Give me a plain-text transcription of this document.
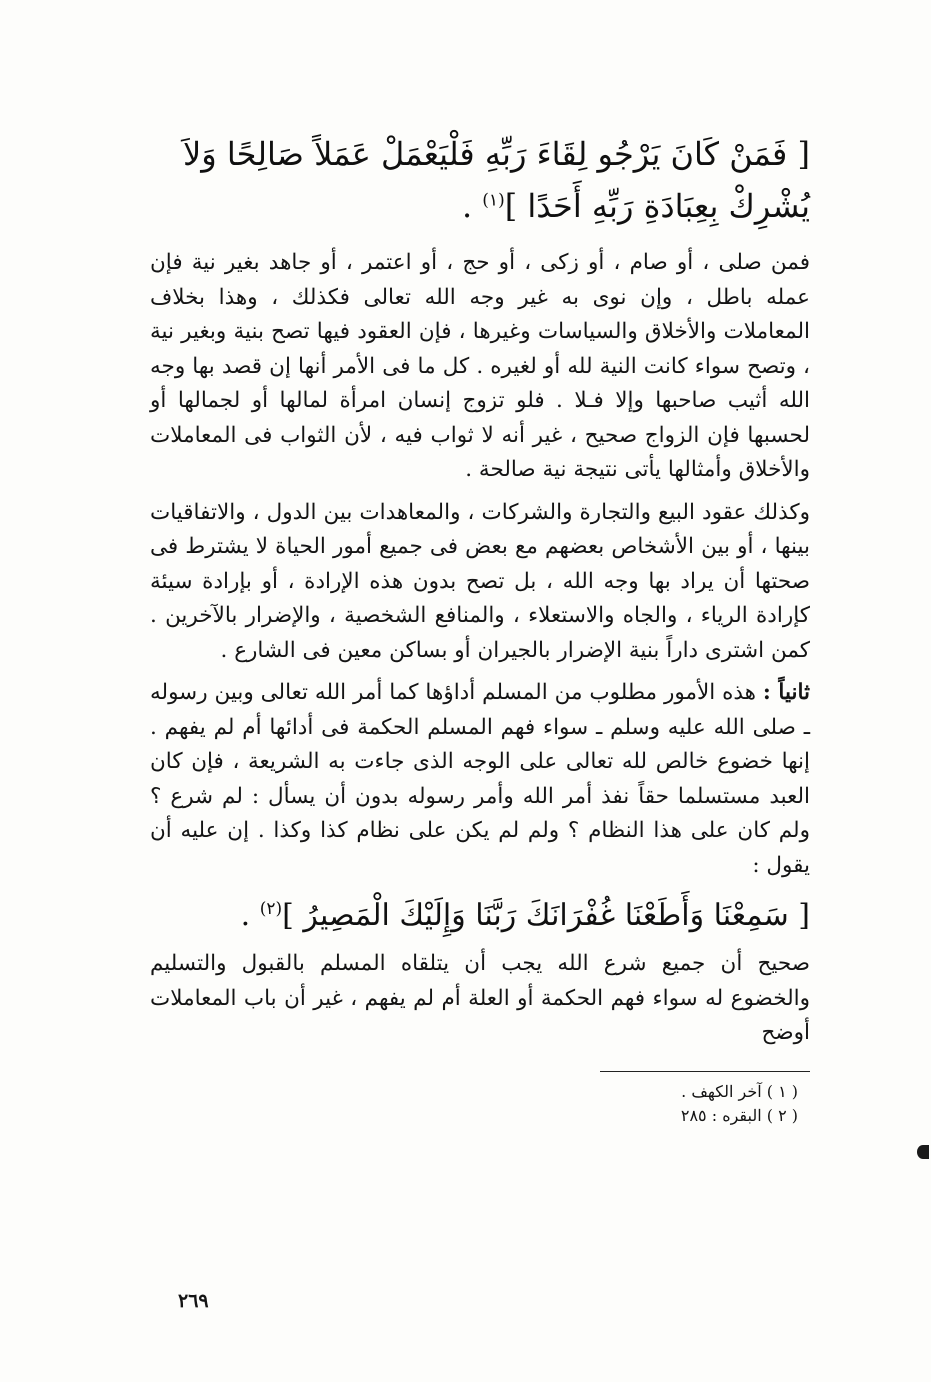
[ فَمَنْ كَانَ يَرْجُو لِقَاءَ رَبِّهِ فَلْيَعْمَلْ عَمَلاً صَالِحًا وَلاَ يُشْرِكْ بِعِبَادَةِ رَبِّهِ أَحَدًا ]$^{(١)}$ .

فمن صلى ، أو صام ، أو زكى ، أو حج ، أو اعتمر ، أو جاهد بغير نية فإن عمله باطل ، وإن نوى به غير وجه الله تعالى فكذلك ، وهذا بخلاف المعاملات والأخلاق والسياسات وغيرها ، فإن العقود فيها تصح بنية وبغير نية ، وتصح سواء كانت النية لله أو لغيره . كل ما فى الأمر أنها إن قصد بها وجه الله أثيب صاحبها وإلا فـلا . فلو تزوج إنسان امرأة لمالها أو لجمالها أو لحسبها فإن الزواج صحيح ، غير أنه لا ثواب فيه ، لأن الثواب فى المعاملات والأخلاق وأمثالها يأتى نتيجة نية صالحة .

وكذلك عقود البيع والتجارة والشركات ، والمعاهدات بين الدول ، والاتفاقيات بينها ، أو بين الأشخاص بعضهم مع بعض فى جميع أمور الحياة لا يشترط فى صحتها أن يراد بها وجه الله ، بل تصح بدون هذه الإرادة ، أو بإرادة سيئة كإرادة الرياء ، والجاه والاستعلاء ، والمنافع الشخصية ، والإضرار بالآخرين . كمن اشترى داراً بنية الإضرار بالجيران أو بساكن معين فى الشارع .

ثانياً : هذه الأمور مطلوب من المسلم أداؤها كما أمر الله تعالى وبين رسوله ـ صلى الله عليه وسلم ـ سواء فهم المسلم الحكمة فى أدائها أم لم يفهم . إنها خضوع خالص لله تعالى على الوجه الذى جاءت به الشريعة ، فإن كان العبد مستسلما حقاً نفذ أمر الله وأمر رسوله بدون أن يسأل : لم شرع ؟ ولم كان على هذا النظام ؟ ولم لم يكن على نظام كذا وكذا . إن عليه أن يقول :

[ سَمِعْنَا وَأَطَعْنَا غُفْرَانَكَ رَبَّنَا وَإِلَيْكَ الْمَصِيرُ ]$^{(٢)}$ .

صحيح أن جميع شرع الله يجب أن يتلقاه المسلم بالقبول والتسليم والخضوع له سواء فهم الحكمة أو العلة أم لم يفهم ، غير أن باب المعاملات أوضح

( ١ ) آخر الكهف .

( ٢ ) البقره : ٢٨٥

٢٦٩
